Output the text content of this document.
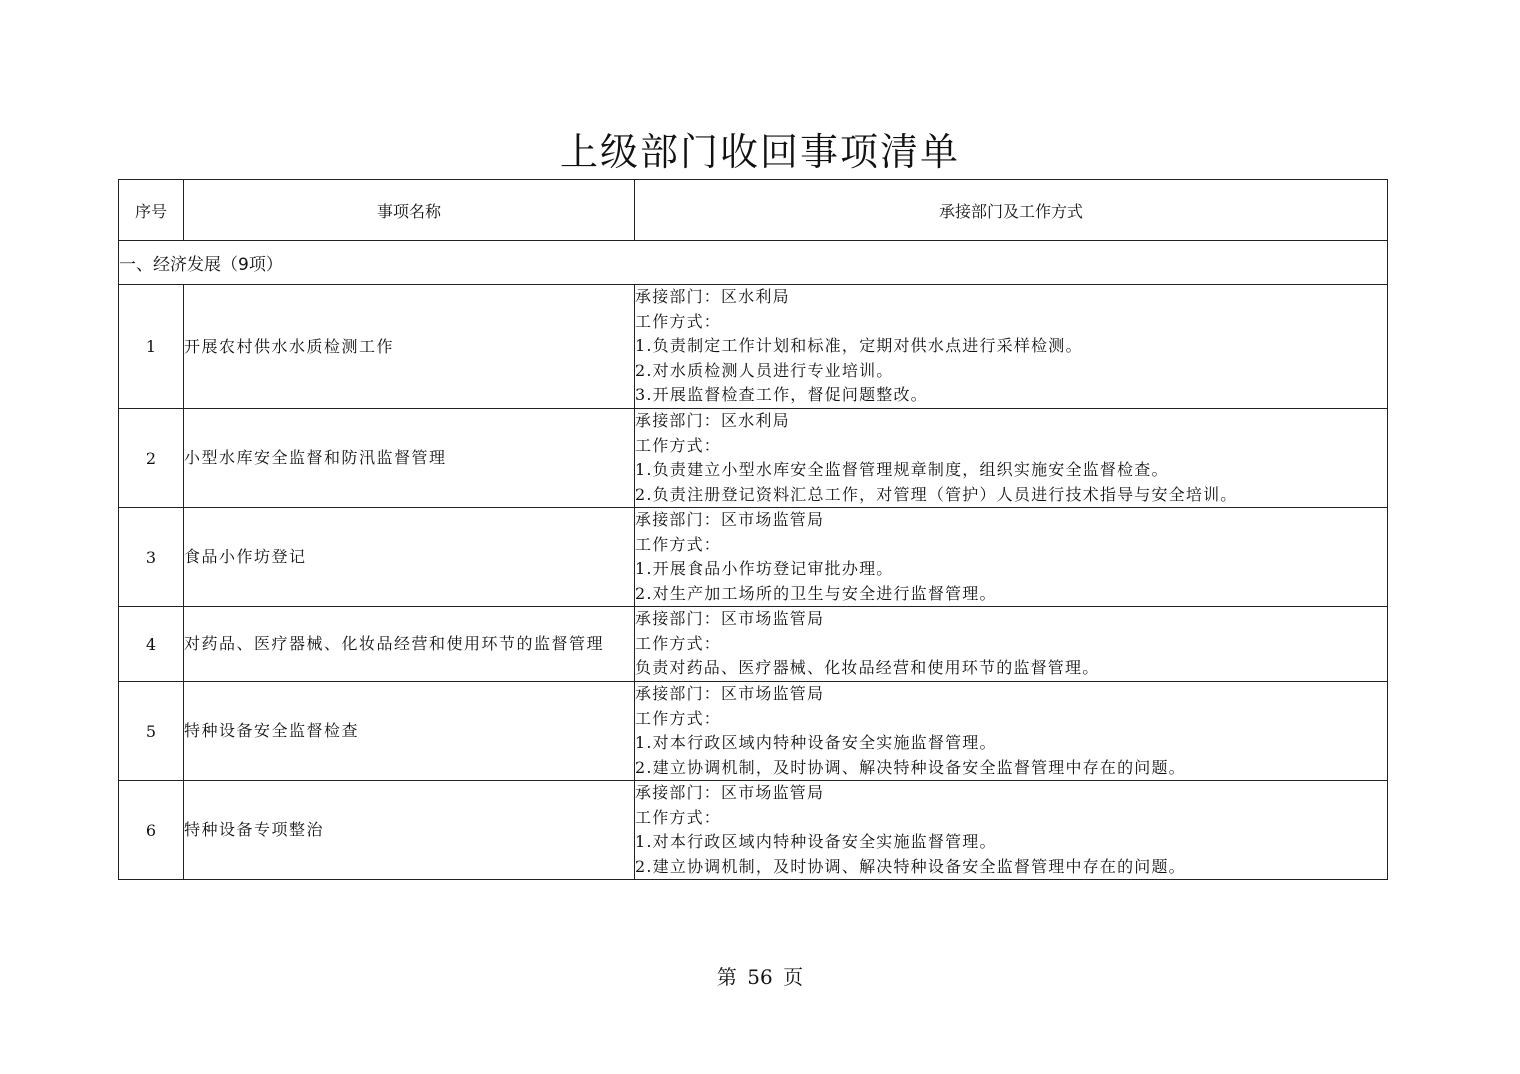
上级部门收回事项清单
序号	事项名称	承接部门及工作方式
一、经济发展（9项）		
1	开展农村供水水质检测工作	承接部门：区水利局
工作方式：
1.负责制定工作计划和标准，定期对供水点进行采样检测。
2.对水质检测人员进行专业培训。
3.开展监督检查工作，督促问题整改。

2	小型水库安全监督和防汛监督管理	承接部门：区水利局
工作方式：
1.负责建立小型水库安全监督管理规章制度，组织实施安全监督检查。
2.负责注册登记资料汇总工作，对管理（管护）人员进行技术指导与安全培训。

3	食品小作坊登记	承接部门：区市场监管局
工作方式：
1.开展食品小作坊登记审批办理。
2.对生产加工场所的卫生与安全进行监督管理。

4	对药品、医疗器械、化妆品经营和使用环节的监督管理	承接部门：区市场监管局
工作方式：
负责对药品、医疗器械、化妆品经营和使用环节的监督管理。

5	特种设备安全监督检查	承接部门：区市场监管局
工作方式：
1.对本行政区域内特种设备安全实施监督管理。
2.建立协调机制，及时协调、解决特种设备安全监督管理中存在的问题。

6	特种设备专项整治	承接部门：区市场监管局
工作方式：
1.对本行政区域内特种设备安全实施监督管理。
2.建立协调机制，及时协调、解决特种设备安全监督管理中存在的问题。
第 56 页
